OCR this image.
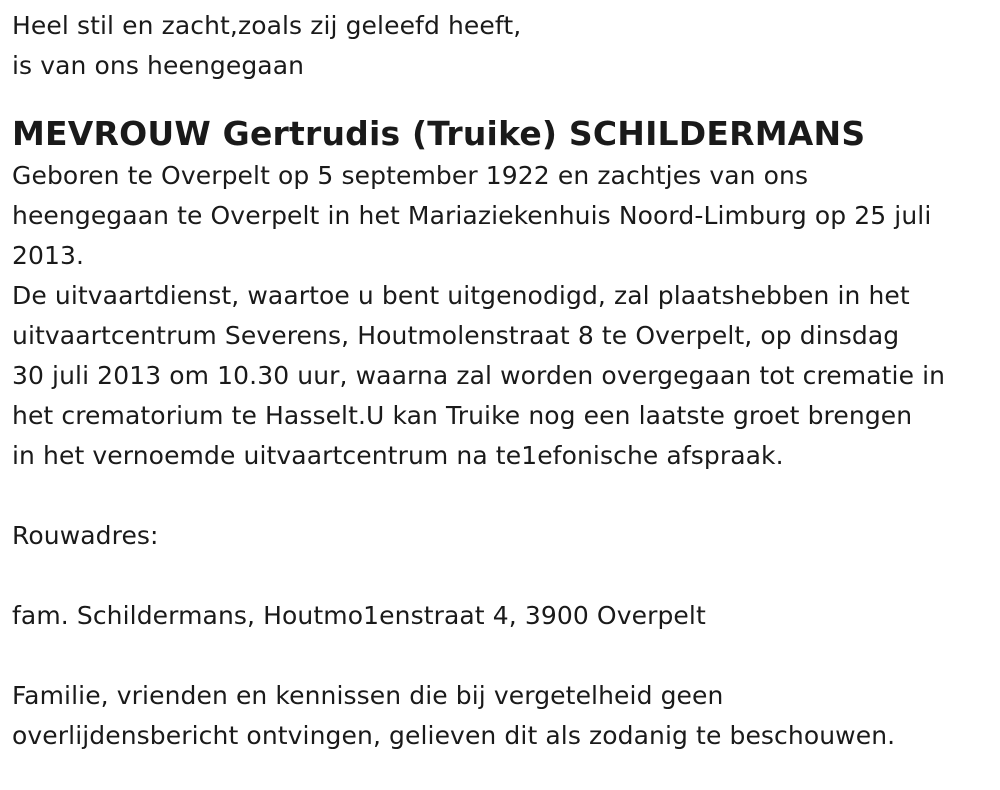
Heel stil en zacht,zoals zij geleefd heeft,
is van ons heengegaan
MEVROUW Gertrudis (Truike) SCHILDERMANS
Geboren te Overpelt op 5 september 1922 en zachtjes van ons
heengegaan te Overpelt in het Mariaziekenhuis Noord-Limburg op 25 juli
2013.
De uitvaartdienst, waartoe u bent uitgenodigd, zal plaatshebben in het
uitvaartcentrum Severens, Houtmolenstraat 8 te Overpelt, op dinsdag
30 juli 2013 om 10.30 uur, waarna zal worden overgegaan tot crematie in
het crematorium te Hasselt.U kan Truike nog een laatste groet brengen
in het vernoemde uitvaartcentrum na te1efonische afspraak.
Rouwadres:
fam. Schildermans, Houtmo1enstraat 4, 3900 Overpelt
Familie, vrienden en kennissen die bij vergetelheid geen
overlijdensbericht ontvingen, gelieven dit als zodanig te beschouwen.
